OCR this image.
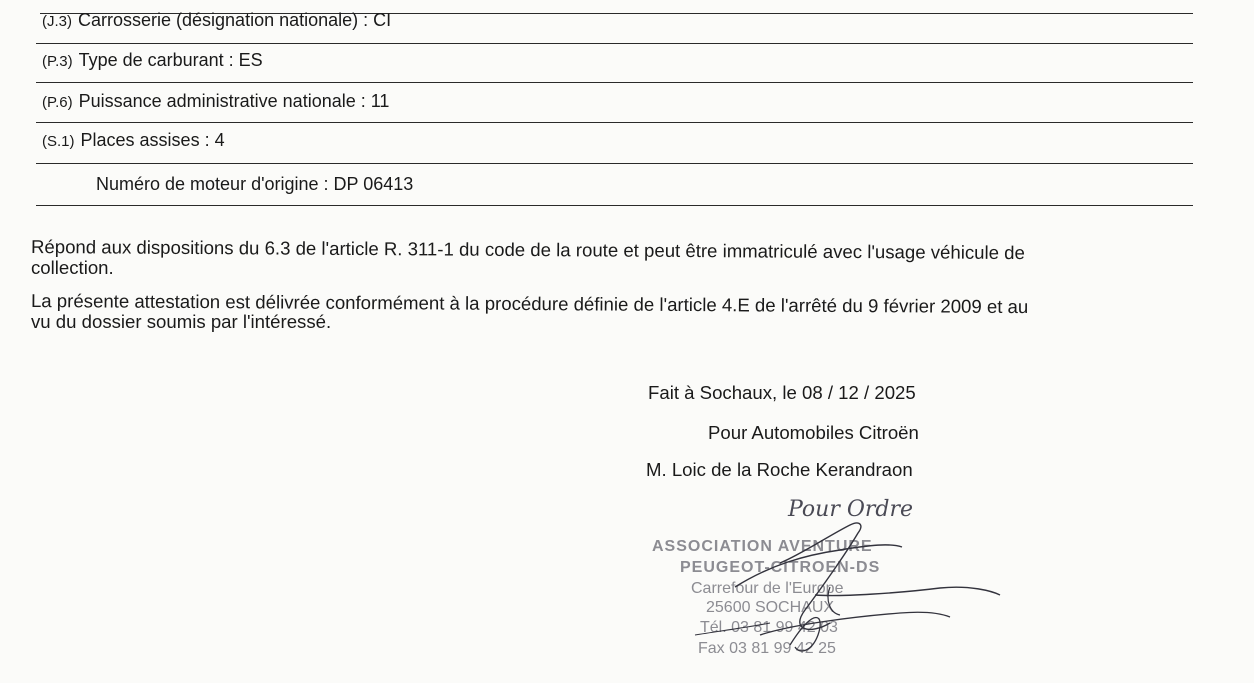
(J.3) Carrosserie (désignation nationale) : CI
(P.3) Type de carburant : ES
(P.6) Puissance administrative nationale : 11
(S.1) Places assises : 4
Numéro de moteur d'origine : DP 06413
Répond aux dispositions du 6.3 de l'article R. 311-1 du code de la route et peut être immatriculé avec l'usage véhicule de
collection.
La présente attestation est délivrée conformément à la procédure définie de l'article 4.E de l'arrêté du 9 février 2009 et au
vu du dossier soumis par l'intéressé.
Fait à Sochaux, le 08 / 12 / 2025
Pour Automobiles Citroën
M. Loic de la Roche Kerandraon
Pour Ordre
ASSOCIATION AVENTURE
PEUGEOT-CITROEN-DS
Carrefour de l'Europe
25600 SOCHAUX
Tél. 03 81 99 42 03
Fax 03 81 99 42 25
